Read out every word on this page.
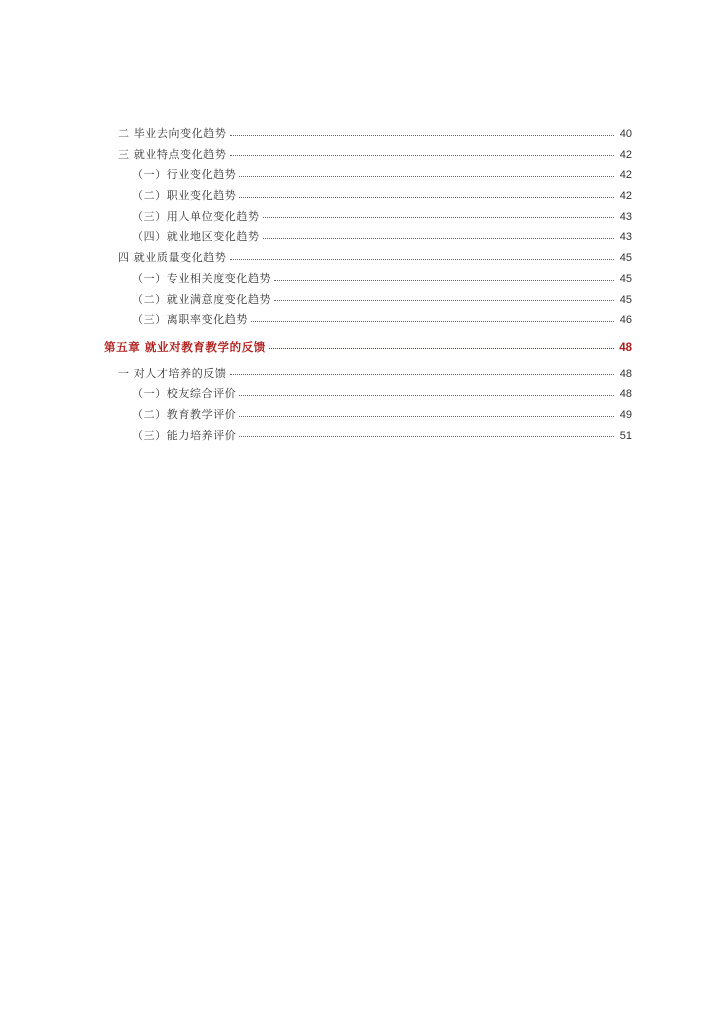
二 毕业去向变化趋势	40
三 就业特点变化趋势	42
（一）行业变化趋势	42
（二）职业变化趋势	42
（三）用人单位变化趋势	43
（四）就业地区变化趋势	43
四 就业质量变化趋势	45
（一）专业相关度变化趋势	45
（二）就业满意度变化趋势	45
（三）离职率变化趋势	46
第五章 就业对教育教学的反馈	48
一 对人才培养的反馈	48
（一）校友综合评价	48
（二）教育教学评价	49
（三）能力培养评价	51
